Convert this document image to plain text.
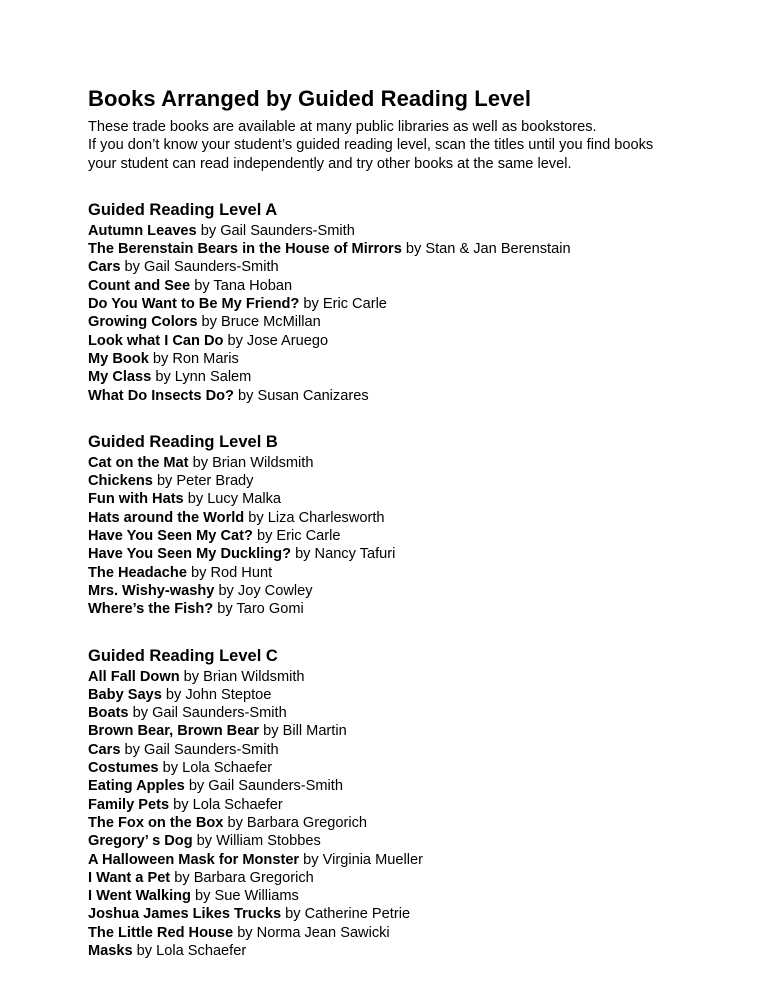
Books Arranged by Guided Reading Level
These trade books are available at many public libraries as well as bookstores.
If you don’t know your student’s guided reading level, scan the titles until you find books
your student can read independently and try other books at the same level.
Guided Reading Level A
Autumn Leaves by Gail Saunders-Smith
The Berenstain Bears in the House of Mirrors by Stan & Jan Berenstain
Cars by Gail Saunders-Smith
Count and See by Tana Hoban
Do You Want to Be My Friend? by Eric Carle
Growing Colors by Bruce McMillan
Look what I Can Do by Jose Aruego
My Book by Ron Maris
My Class by Lynn Salem
What Do Insects Do? by Susan Canizares
Guided Reading Level B
Cat on the Mat by Brian Wildsmith
Chickens by Peter Brady
Fun with Hats by Lucy Malka
Hats around the World by Liza Charlesworth
Have You Seen My Cat? by Eric Carle
Have You Seen My Duckling? by Nancy Tafuri
The Headache by Rod Hunt
Mrs. Wishy-washy by Joy Cowley
Where’s the Fish? by Taro Gomi
Guided Reading Level C
All Fall Down by Brian Wildsmith
Baby Says by John Steptoe
Boats by Gail Saunders-Smith
Brown Bear, Brown Bear by Bill Martin
Cars by Gail Saunders-Smith
Costumes by Lola Schaefer
Eating Apples by Gail Saunders-Smith
Family Pets by Lola Schaefer
The Fox on the Box by Barbara Gregorich
Gregory’ s Dog by William Stobbes
A Halloween Mask for Monster by Virginia Mueller
I Want a Pet by Barbara Gregorich
I Went Walking by Sue Williams
Joshua James Likes Trucks by Catherine Petrie
The Little Red House by Norma Jean Sawicki
Masks by Lola Schaefer
